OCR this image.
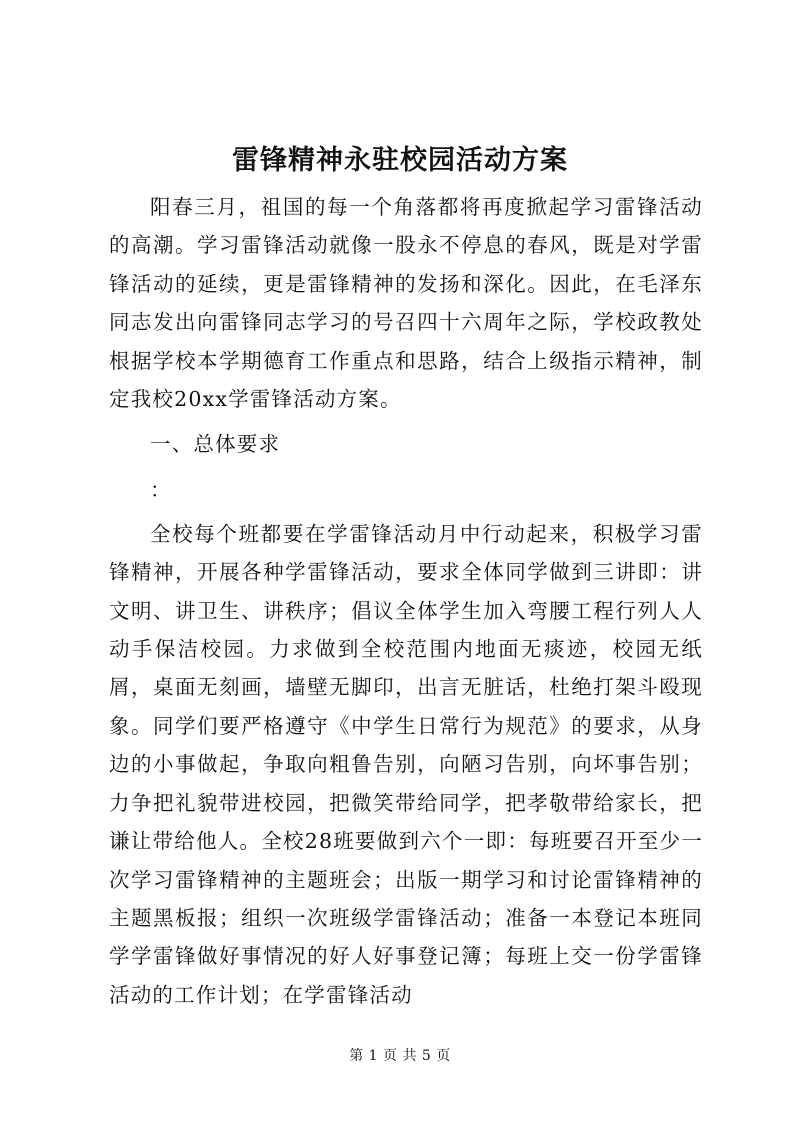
雷锋精神永驻校园活动方案

阳春三月，祖国的每一个角落都将再度掀起学习雷锋活动的高潮。学习雷锋活动就像一股永不停息的春风，既是对学雷锋活动的延续，更是雷锋精神的发扬和深化。因此，在毛泽东同志发出向雷锋同志学习的号召四十六周年之际，学校政教处根据学校本学期德育工作重点和思路，结合上级指示精神，制定我校20xx学雷锋活动方案。

一、总体要求

：

全校每个班都要在学雷锋活动月中行动起来，积极学习雷锋精神，开展各种学雷锋活动，要求全体同学做到三讲即：讲文明、讲卫生、讲秩序；倡议全体学生加入弯腰工程行列人人动手保洁校园。力求做到全校范围内地面无痰迹，校园无纸屑，桌面无刻画，墙壁无脚印，出言无脏话，杜绝打架斗殴现象。同学们要严格遵守《中学生日常行为规范》的要求，从身边的小事做起，争取向粗鲁告别，向陋习告别，向坏事告别；力争把礼貌带进校园，把微笑带给同学，把孝敬带给家长，把谦让带给他人。全校28班要做到六个一即：每班要召开至少一次学习雷锋精神的主题班会；出版一期学习和讨论雷锋精神的主题黑板报；组织一次班级学雷锋活动；准备一本登记本班同学学雷锋做好事情况的好人好事登记簿；每班上交一份学雷锋活动的工作计划；在学雷锋活动

第 1 页 共 5 页
